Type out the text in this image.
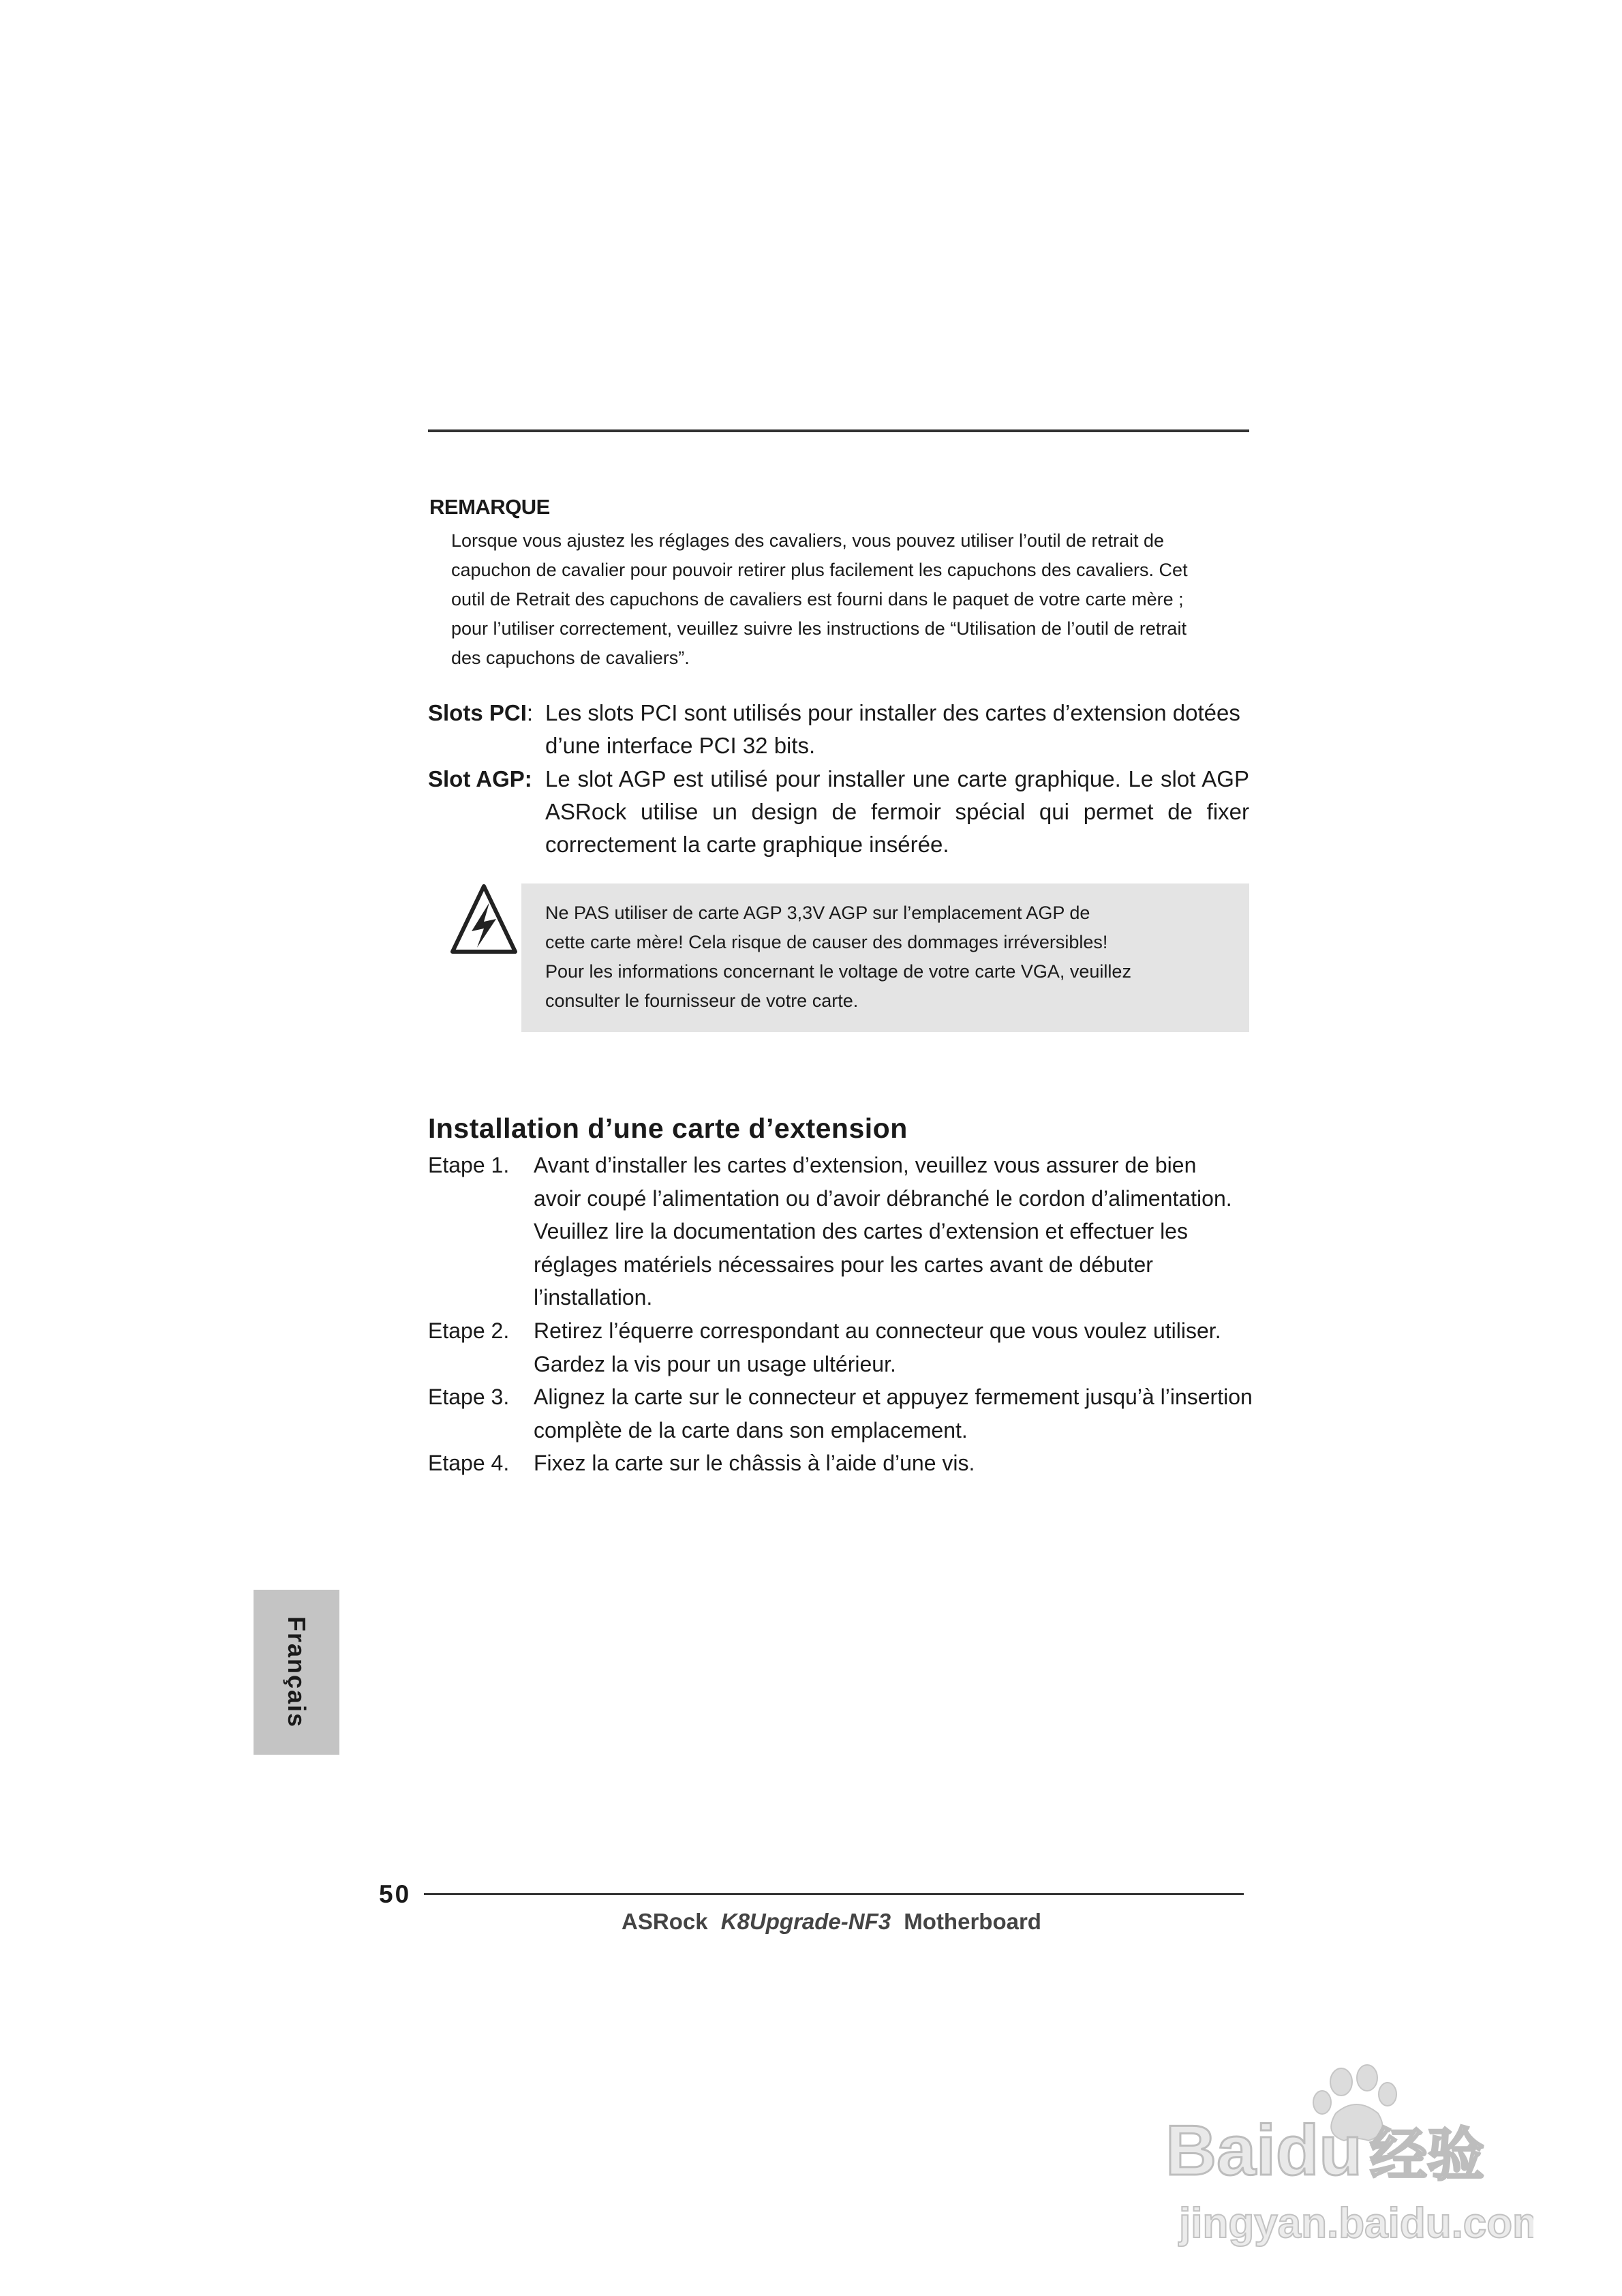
REMARQUE
Lorsque vous ajustez les réglages des cavaliers, vous pouvez utiliser l’outil de retrait de
capuchon de cavalier pour pouvoir retirer plus facilement les capuchons des cavaliers. Cet
outil de Retrait des capuchons de cavaliers est fourni dans le paquet de votre carte mère ;
pour l’utiliser correctement, veuillez suivre les instructions de “Utilisation de l’outil de retrait
des capuchons de cavaliers”.
Slots PCI: Les slots PCI sont utilisés pour installer des cartes d’extension dotées
d’une interface PCI 32 bits.
Slot AGP: Le slot AGP est utilisé pour installer une carte graphique. Le slot AGP
ASRock utilise un design de fermoir spécial qui permet de fixer
correctement la carte graphique insérée.
Ne PAS utiliser de carte AGP 3,3V AGP sur l’emplacement AGP de
cette carte mère! Cela risque de causer des dommages irréversibles!
Pour les informations concernant le voltage de votre carte VGA, veuillez
consulter le fournisseur de votre carte.
Installation d’une carte d’extension
Etape 1. Avant d’installer les cartes d’extension, veuillez vous assurer de bien
avoir coupé l’alimentation ou d’avoir débranché le cordon d’alimentation.
Veuillez lire la documentation des cartes d’extension et effectuer les
réglages matériels nécessaires pour les cartes avant de débuter
l’installation.
Etape 2. Retirez l’équerre correspondant au connecteur que vous voulez utiliser.
Gardez la vis pour un usage ultérieur.
Etape 3. Alignez la carte sur le connecteur et appuyez fermement jusqu’à l’insertion
complète de la carte dans son emplacement.
Etape 4. Fixez la carte sur le châssis à l’aide d’une vis.
Français
50
ASRock K8Upgrade-NF3 Motherboard
Baidu 经验
jingyan.baidu.com
